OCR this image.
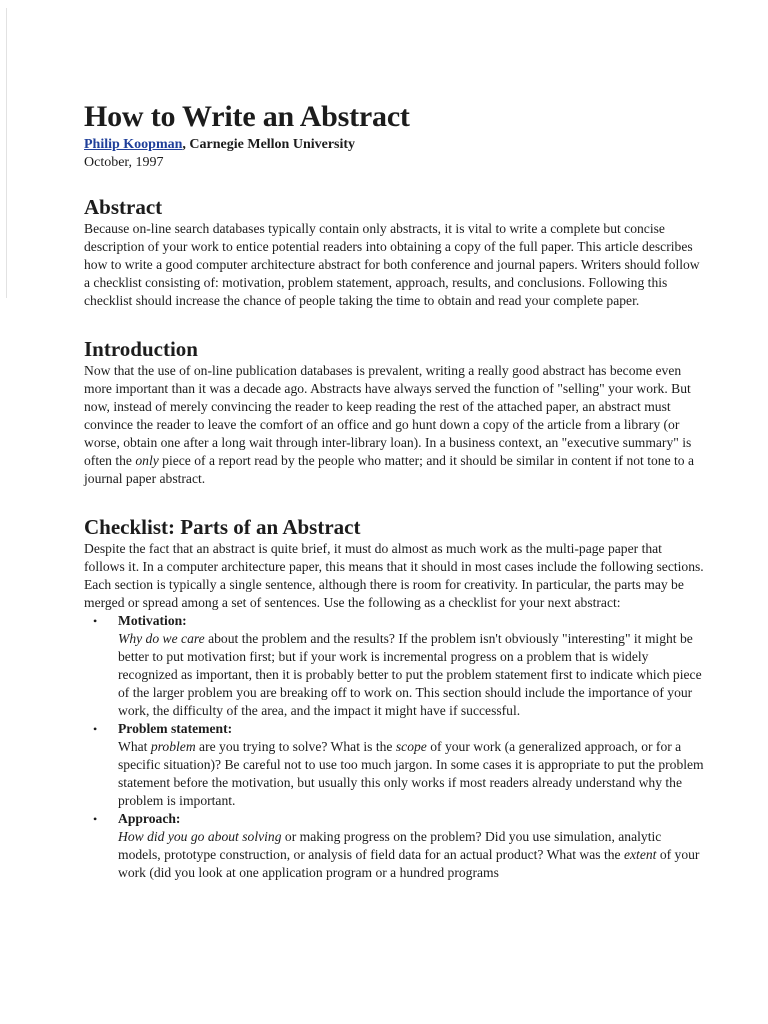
How to Write an Abstract
Philip Koopman, Carnegie Mellon University
October, 1997
Abstract

Because on-line search databases typically contain only abstracts, it is vital to write a complete but concise description of your work to entice potential readers into obtaining a copy of the full paper. This article describes how to write a good computer architecture abstract for both conference and journal papers. Writers should follow a checklist consisting of: motivation, problem statement, approach, results, and conclusions. Following this checklist should increase the chance of people taking the time to obtain and read your complete paper.

Introduction

Now that the use of on-line publication databases is prevalent, writing a really good abstract has become even more important than it was a decade ago. Abstracts have always served the function of "selling" your work. But now, instead of merely convincing the reader to keep reading the rest of the attached paper, an abstract must convince the reader to leave the comfort of an office and go hunt down a copy of the article from a library (or worse, obtain one after a long wait through inter-library loan). In a business context, an "executive summary" is often the only piece of a report read by the people who matter; and it should be similar in content if not tone to a journal paper abstract.

Checklist: Parts of an Abstract

Despite the fact that an abstract is quite brief, it must do almost as much work as the multi-page paper that follows it. In a computer architecture paper, this means that it should in most cases include the following sections. Each section is typically a single sentence, although there is room for creativity. In particular, the parts may be merged or spread among a set of sentences. Use the following as a checklist for your next abstract:

• Motivation:
Why do we care about the problem and the results? If the problem isn't obviously "interesting" it might be better to put motivation first; but if your work is incremental progress on a problem that is widely recognized as important, then it is probably better to put the problem statement first to indicate which piece of the larger problem you are breaking off to work on. This section should include the importance of your work, the difficulty of the area, and the impact it might have if successful.
• Problem statement:
What problem are you trying to solve? What is the scope of your work (a generalized approach, or for a specific situation)? Be careful not to use too much jargon. In some cases it is appropriate to put the problem statement before the motivation, but usually this only works if most readers already understand why the problem is important.
• Approach:
How did you go about solving or making progress on the problem? Did you use simulation, analytic models, prototype construction, or analysis of field data for an actual product? What was the extent of your work (did you look at one application program or a hundred programs
